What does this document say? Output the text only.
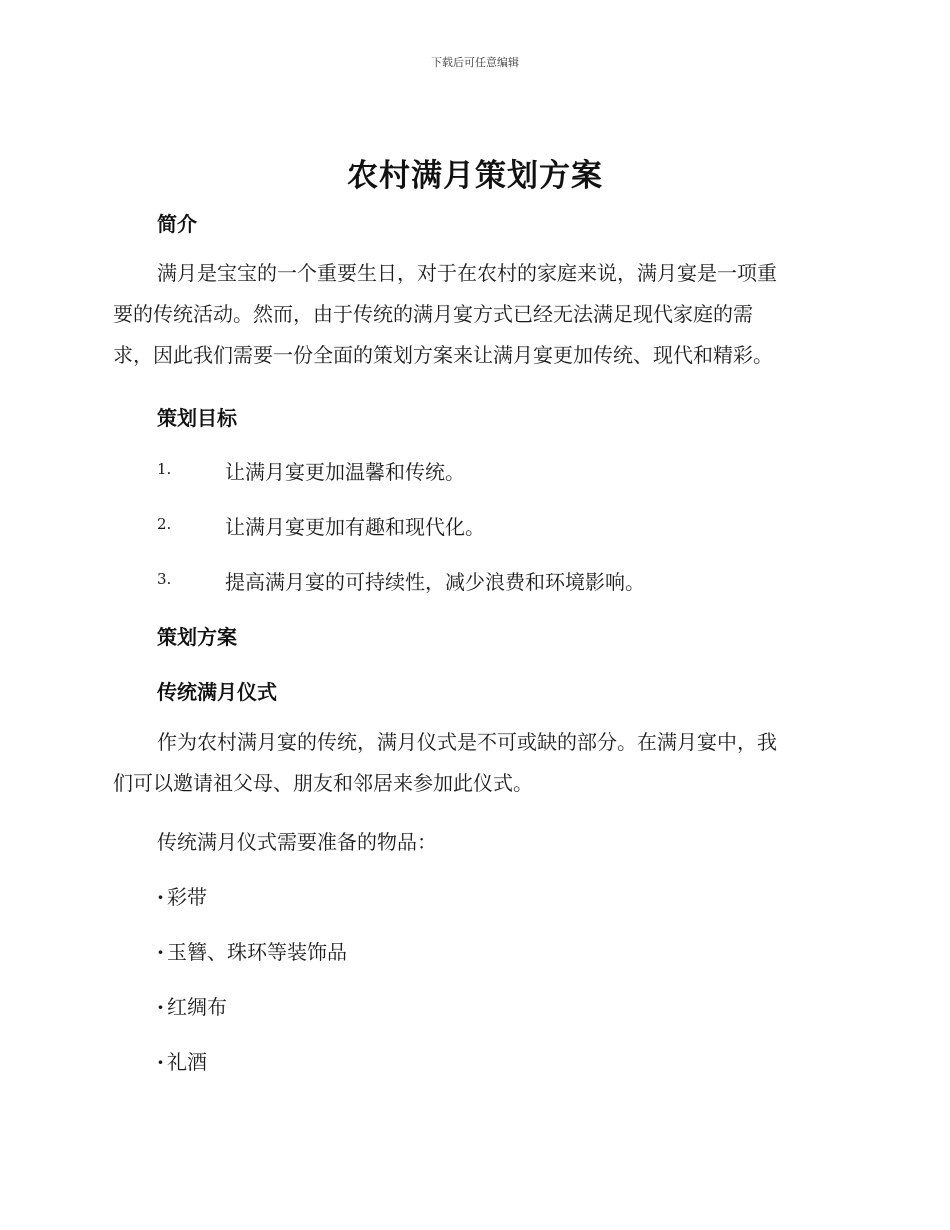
下载后可任意编辑
农村满月策划方案
简介
满月是宝宝的一个重要生日，对于在农村的家庭来说，满月宴是一项重
要的传统活动。然而，由于传统的满月宴方式已经无法满足现代家庭的需
求，因此我们需要一份全面的策划方案来让满月宴更加传统、现代和精彩。
策划目标
1.	让满月宴更加温馨和传统。
2.	让满月宴更加有趣和现代化。
3.	提高满月宴的可持续性，减少浪费和环境影响。
策划方案
传统满月仪式
作为农村满月宴的传统，满月仪式是不可或缺的部分。在满月宴中，我
们可以邀请祖父母、朋友和邻居来参加此仪式。
传统满月仪式需要准备的物品：
· 彩带
· 玉簪、珠环等装饰品
· 红绸布
· 礼酒
